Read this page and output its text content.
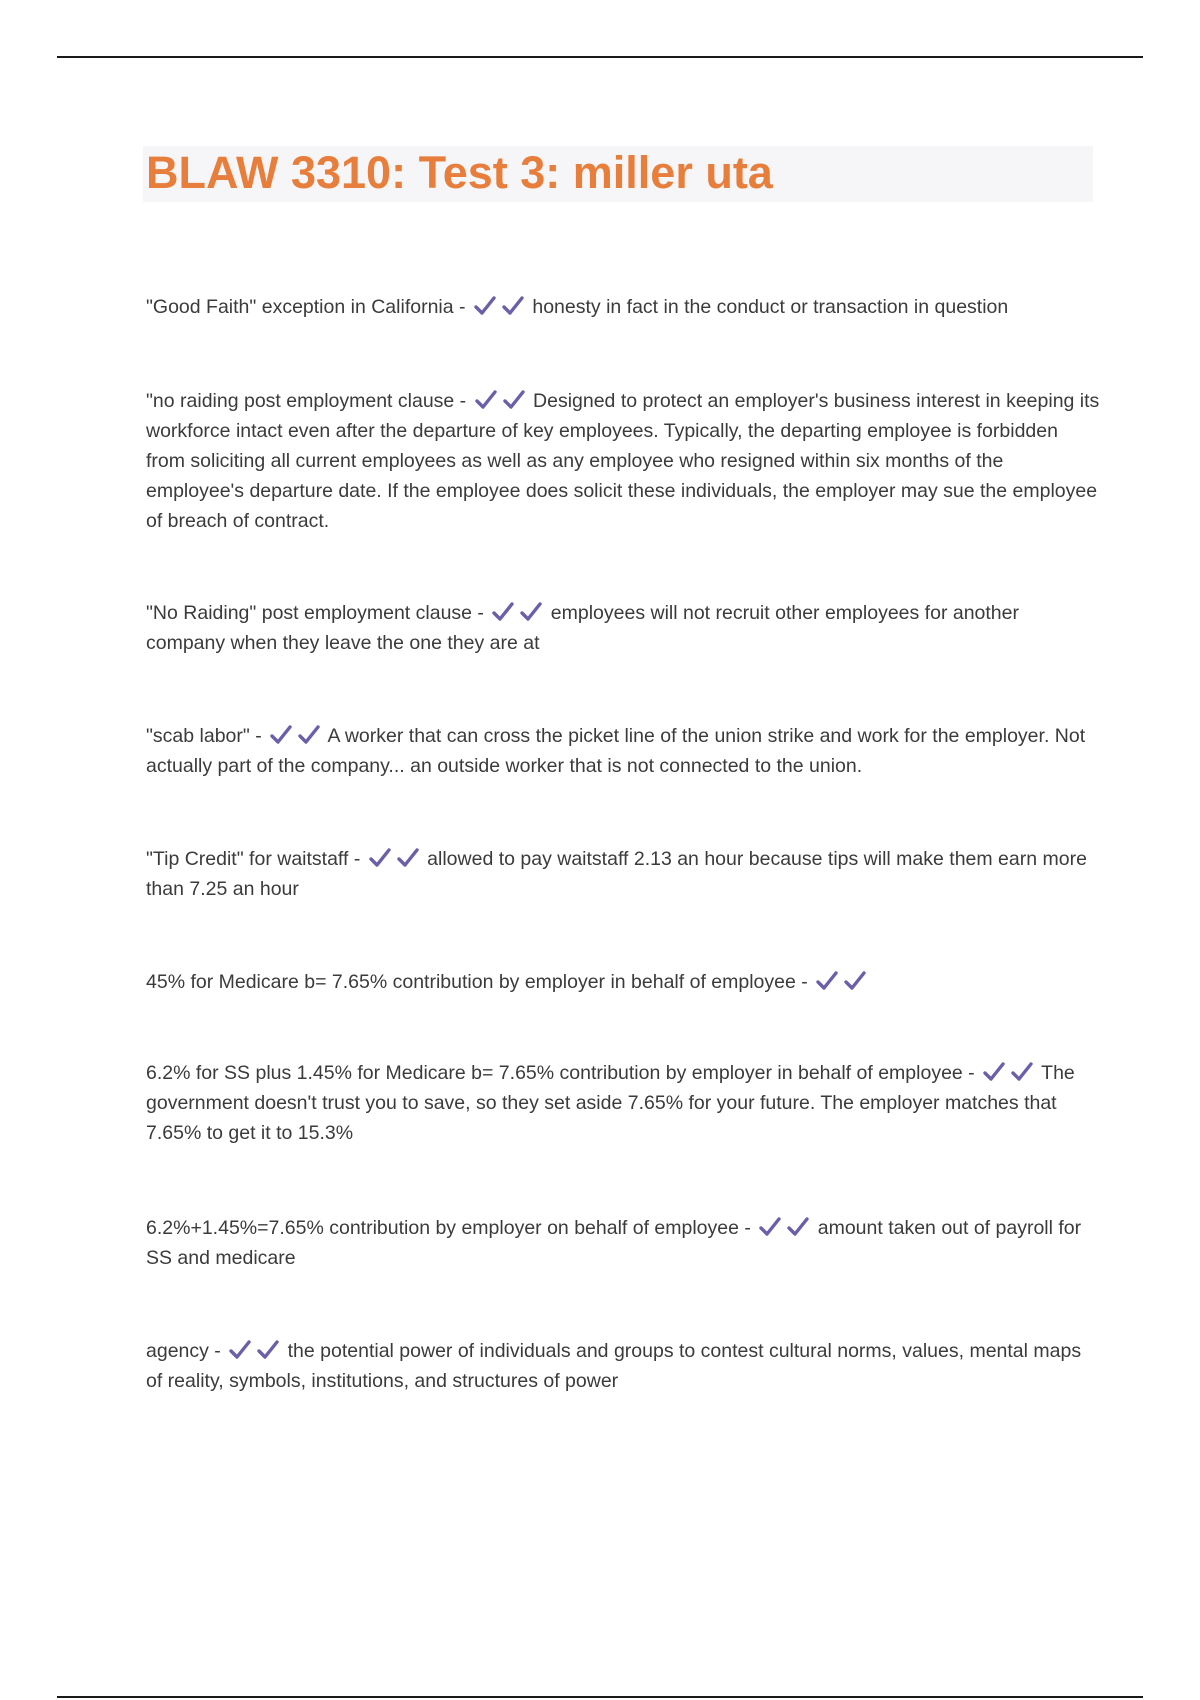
BLAW 3310: Test 3: miller uta
"Good Faith" exception in California -	honesty in fact in the conduct or transaction in question
"no raiding post employment clause -	Designed to protect an employer's business interest in keeping its workforce intact even after the departure of key employees. Typically, the departing employee is forbidden from soliciting all current employees as well as any employee who resigned within six months of the employee's departure date. If the employee does solicit these individuals, the employer may sue the employee of breach of contract.
"No Raiding" post employment clause -	employees will not recruit other employees for another company when they leave the one they are at
"scab labor" -	A worker that can cross the picket line of the union strike and work for the employer. Not actually part of the company... an outside worker that is not connected to the union.
"Tip Credit" for waitstaff -	allowed to pay waitstaff 2.13 an hour because tips will make them earn more than 7.25 an hour
45% for Medicare b= 7.65% contribution by employer in behalf of employee -
6.2% for SS plus 1.45% for Medicare b= 7.65% contribution by employer in behalf of employee -	The government doesn't trust you to save, so they set aside 7.65% for your future. The employer matches that 7.65% to get it to 15.3%
6.2%+1.45%=7.65% contribution by employer on behalf of employee -	amount taken out of payroll for SS and medicare
agency -	the potential power of individuals and groups to contest cultural norms, values, mental maps of reality, symbols, institutions, and structures of power
